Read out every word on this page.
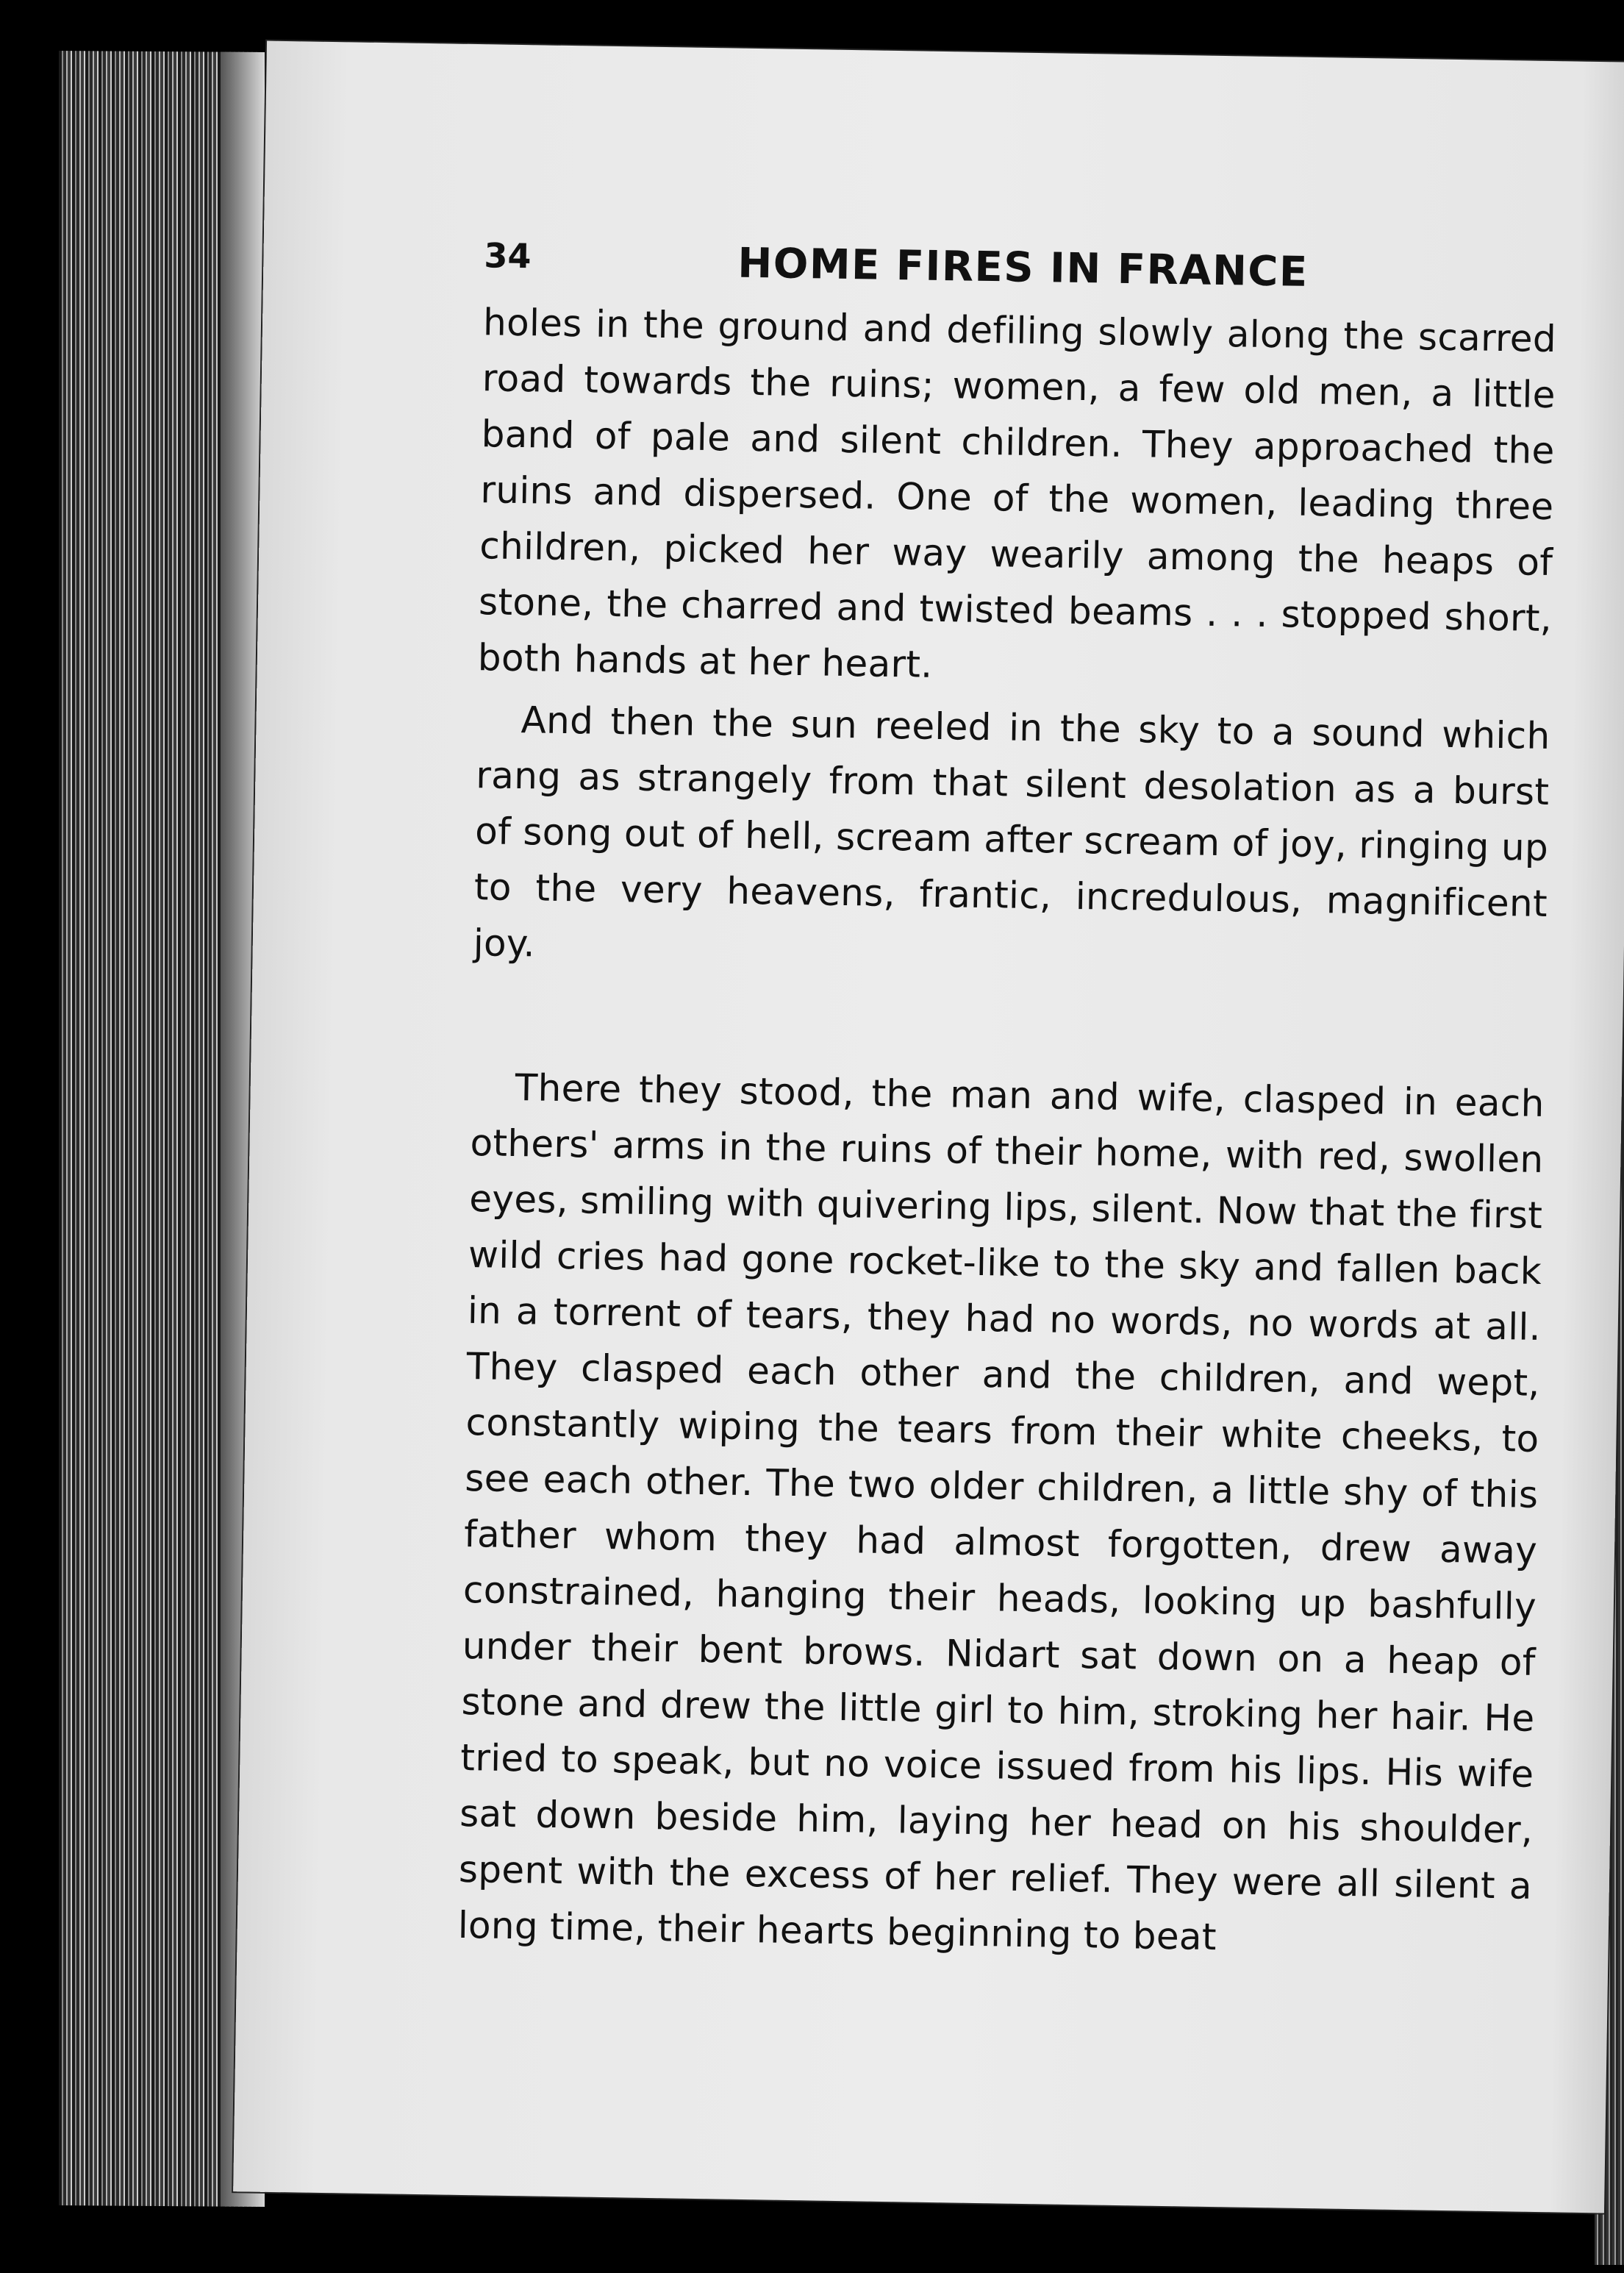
34	HOME FIRES IN FRANCE

holes in the ground and defiling slowly along the scarred road towards the ruins; women, a few old men, a little band of pale and silent children. They approached the ruins and dispersed. One of the women, leading three children, picked her way wearily among the heaps of stone, the charred and twisted beams . . . stopped short, both hands at her heart.

And then the sun reeled in the sky to a sound which rang as strangely from that silent desolation as a burst of song out of hell, scream after scream of joy, ringing up to the very heavens, frantic, incredulous, magnificent joy.

There they stood, the man and wife, clasped in each others' arms in the ruins of their home, with red, swollen eyes, smiling with quivering lips, silent. Now that the first wild cries had gone rocket-like to the sky and fallen back in a torrent of tears, they had no words, no words at all. They clasped each other and the children, and wept, constantly wiping the tears from their white cheeks, to see each other. The two older children, a little shy of this father whom they had almost forgotten, drew away constrained, hanging their heads, looking up bashfully under their bent brows. Nidart sat down on a heap of stone and drew the little girl to him, stroking her hair. He tried to speak, but no voice issued from his lips. His wife sat down beside him, laying her head on his shoulder, spent with the excess of her relief. They were all silent a long time, their hearts beginning to beat
